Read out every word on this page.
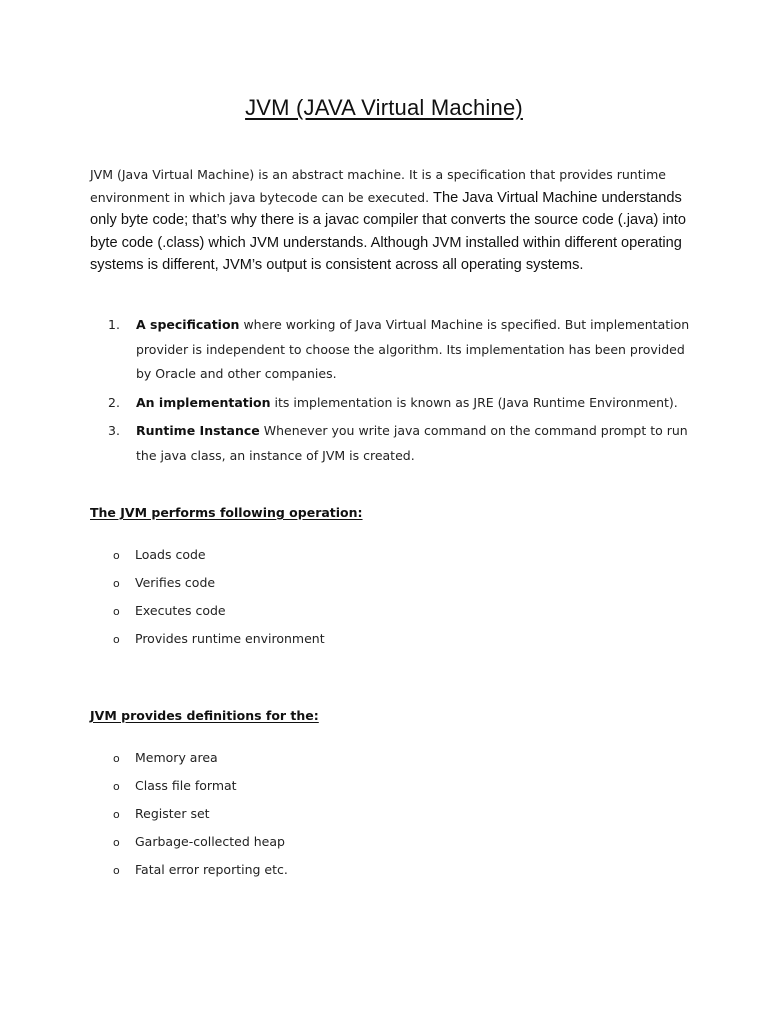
JVM (JAVA Virtual Machine)
JVM (Java Virtual Machine) is an abstract machine. It is a specification that provides runtime environment in which java bytecode can be executed. The Java Virtual Machine understands only byte code; that’s why there is a javac compiler that converts the source code (.java) into byte code (.class) which JVM understands. Although JVM installed within different operating systems is different, JVM’s output is consistent across all operating systems.
1. A specification where working of Java Virtual Machine is specified. But implementation provider is independent to choose the algorithm. Its implementation has been provided by Oracle and other companies.
2. An implementation its implementation is known as JRE (Java Runtime Environment).
3. Runtime Instance Whenever you write java command on the command prompt to run the java class, an instance of JVM is created.
The JVM performs following operation:
o Loads code
o Verifies code
o Executes code
o Provides runtime environment
JVM provides definitions for the:
o Memory area
o Class file format
o Register set
o Garbage-collected heap
o Fatal error reporting etc.
